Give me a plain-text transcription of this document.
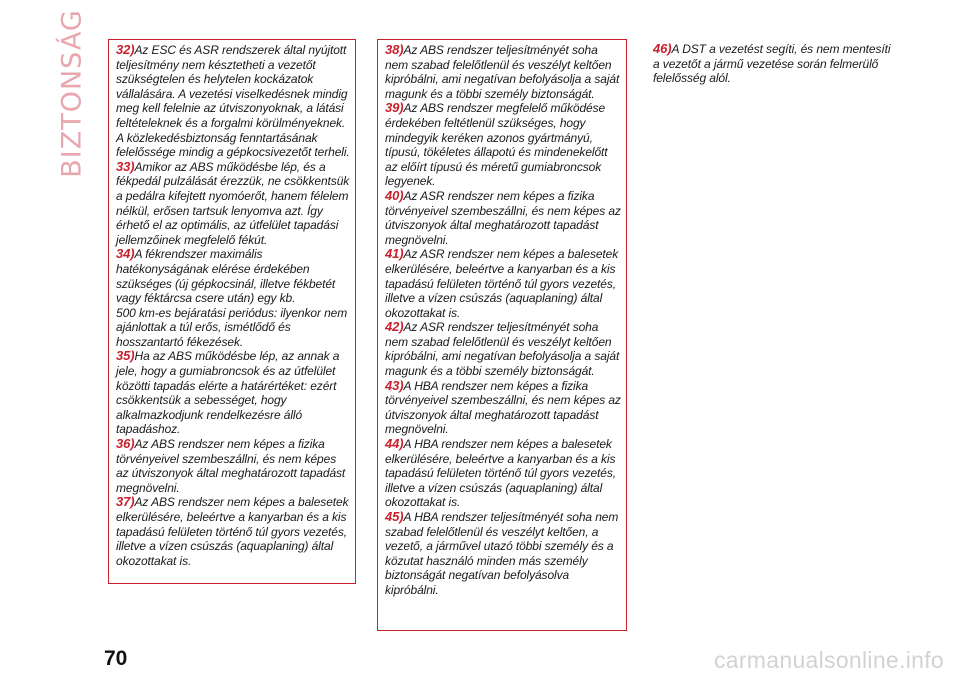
BIZTONSÁG 32)Az ESC és ASR rendszerek által nyújtott teljesítmény nem késztetheti a vezetőt szükségtelen és helytelen kockázatok vállalására. A vezetési viselkedésnek mindig meg kell felelnie az útviszonyoknak, a látási feltételeknek és a forgalmi körülményeknek. A közlekedésbiztonság fenntartásának felelőssége mindig a gépkocsivezetőt terheli.

33)Amikor az ABS működésbe lép, és a fékpedál pulzálását érezzük, ne csökkentsük a pedálra kifejtett nyomóerőt, hanem félelem nélkül, erősen tartsuk lenyomva azt. Így érhető el az optimális, az útfelület tapadási jellemzőinek megfelelő fékút.

34)A fékrendszer maximális hatékonyságának elérése érdekében szükséges (új gépkocsinál, illetve fékbetét vagy féktárcsa csere után) egy kb.

500 km-es bejáratási periódus: ilyenkor nem ajánlottak a túl erős, ismétlődő és hosszantartó fékezések.

35)Ha az ABS működésbe lép, az annak a jele, hogy a gumiabroncsok és az útfelület közötti tapadás elérte a határértéket: ezért csökkentsük a sebességet, hogy alkalmazkodjunk rendelkezésre álló tapadáshoz.

36)Az ABS rendszer nem képes a fizika törvényeivel szembeszállni, és nem képes az útviszonyok által meghatározott tapadást megnövelni.

37)Az ABS rendszer nem képes a balesetek elkerülésére, beleértve a kanyarban és a kis tapadású felületen történő túl gyors vezetés, illetve a vízen csúszás (aquaplaning) által okozottakat is.

38)Az ABS rendszer teljesítményét soha nem szabad felelőtlenül és veszélyt keltően kipróbálni, ami negatívan befolyásolja a saját magunk és a többi személy biztonságát.

39)Az ABS rendszer megfelelő működése érdekében feltétlenül szükséges, hogy mindegyik keréken azonos gyártmányú, típusú, tökéletes állapotú és mindenekelőtt az előírt típusú és méretű gumiabroncsok legyenek.

40)Az ASR rendszer nem képes a fizika törvényeivel szembeszállni, és nem képes az útviszonyok által meghatározott tapadást megnövelni.

41)Az ASR rendszer nem képes a balesetek elkerülésére, beleértve a kanyarban és a kis tapadású felületen történő túl gyors vezetés, illetve a vízen csúszás (aquaplaning) által okozottakat is.

42)Az ASR rendszer teljesítményét soha nem szabad felelőtlenül és veszélyt keltően kipróbálni, ami negatívan befolyásolja a saját magunk és a többi személy biztonságát.

43)A HBA rendszer nem képes a fizika törvényeivel szembeszállni, és nem képes az útviszonyok által meghatározott tapadást megnövelni.

44)A HBA rendszer nem képes a balesetek elkerülésére, beleértve a kanyarban és a kis tapadású felületen történő túl gyors vezetés, illetve a vízen csúszás (aquaplaning) által okozottakat is.

45)A HBA rendszer teljesítményét soha nem szabad felelőtlenül és veszélyt keltően, a vezető, a járművel utazó többi személy és a közutat használó minden más személy biztonságát negatívan befolyásolva kipróbálni.

46)A DST a vezetést segíti, és nem mentesíti a vezetőt a jármű vezetése során felmerülő felelősség alól.

70	carmanualsonline.info
